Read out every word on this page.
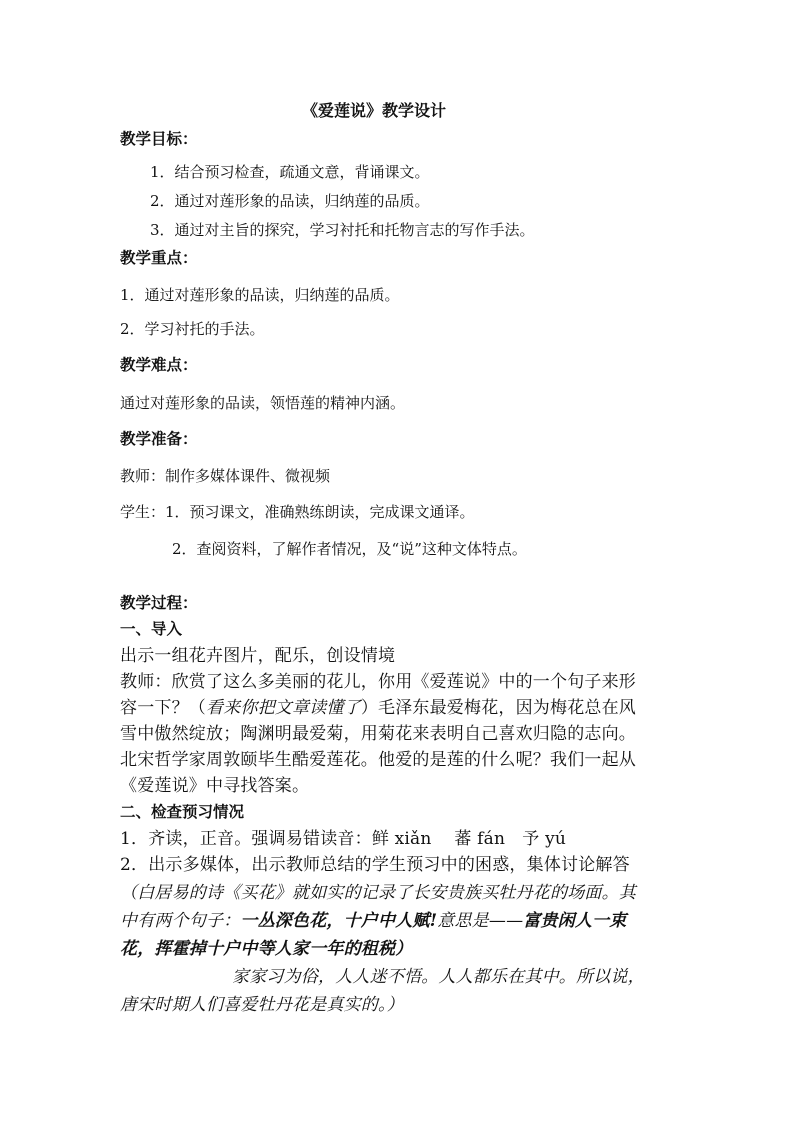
《爱莲说》教学设计
教学目标：
1．结合预习检查，疏通文意，背诵课文。
2．通过对莲形象的品读，归纳莲的品质。
3．通过对主旨的探究，学习衬托和托物言志的写作手法。
教学重点：
1．通过对莲形象的品读，归纳莲的品质。
2．学习衬托的手法。
教学难点：
通过对莲形象的品读，领悟莲的精神内涵。
教学准备：
教师：制作多媒体课件、微视频
学生：1．预习课文，准确熟练朗读，完成课文通译。
2．查阅资料，了解作者情况，及“说”这种文体特点。
教学过程：
一、导入
出示一组花卉图片，配乐，创设情境
教师：欣赏了这么多美丽的花儿，你用《爱莲说》中的一个句子来形
容一下？（看来你把文章读懂了）毛泽东最爱梅花，因为梅花总在风
雪中傲然绽放；陶渊明最爱菊，用菊花来表明自己喜欢归隐的志向。
北宋哲学家周敦颐毕生酷爱莲花。他爱的是莲的什么呢？我们一起从
《爱莲说》中寻找答案。
二、检查预习情况
1．齐读，正音。强调易错读音：鲜 xiǎn　 蕃 fán　予 yú
2．出示多媒体，出示教师总结的学生预习中的困惑，集体讨论解答
（白居易的诗《买花》就如实的记录了长安贵族买牡丹花的场面。其
中有两个句子：一丛深色花，十户中人赋!意思是——富贵闲人一束
花，挥霍掉十户中等人家一年的租税）
家家习为俗，人人迷不悟。人人都乐在其中。所以说，
唐宋时期人们喜爱牡丹花是真实的。）
